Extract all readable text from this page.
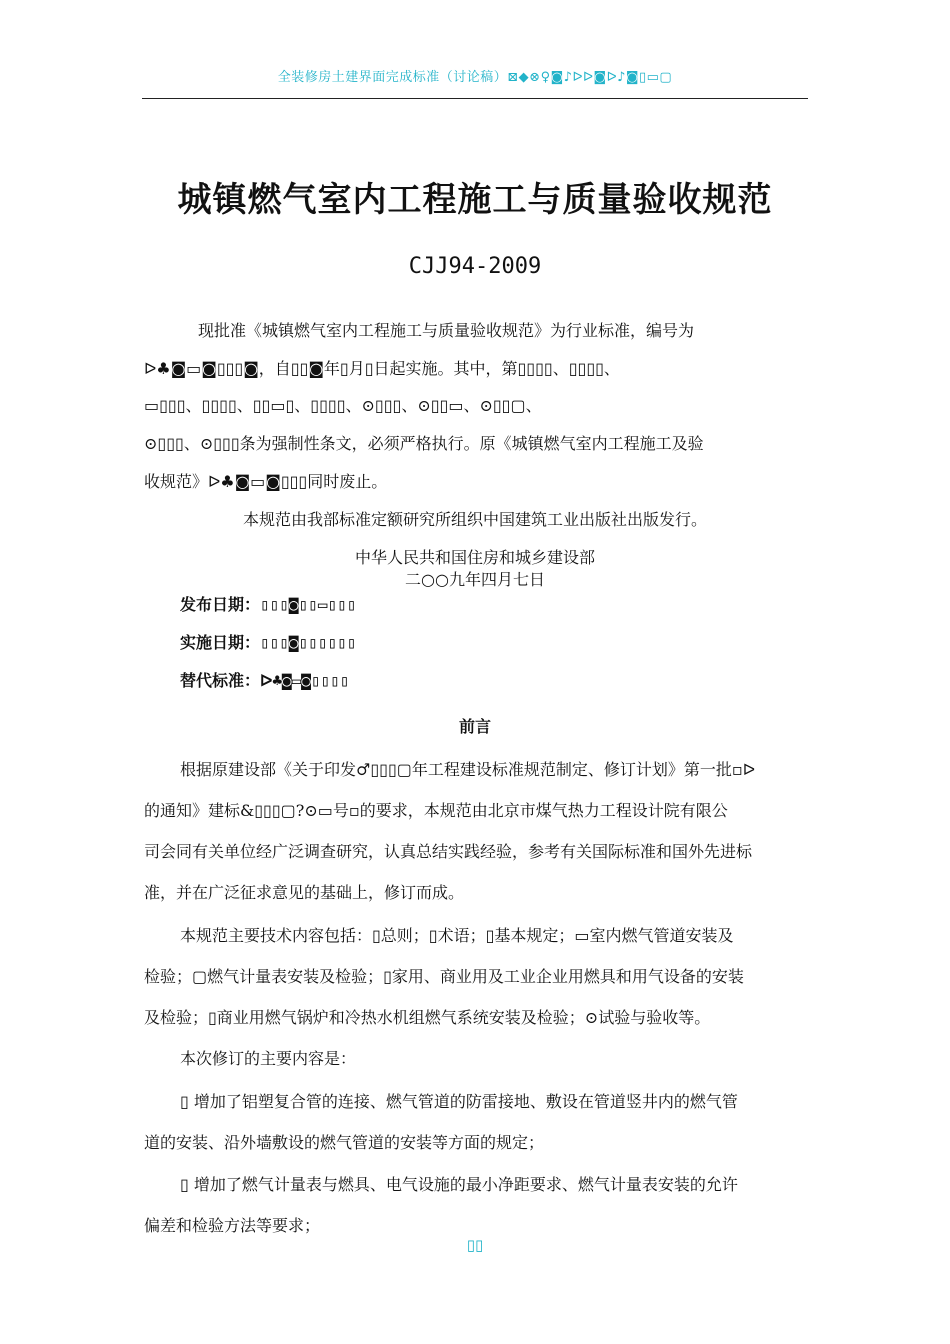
全装修房土建界面完成标准（讨论稿）⊠◆⊗♀◙♪ᐅᐅ◙ᐅ♪◙▯▭▢
城镇燃气室内工程施工与质量验收规范
CJJ94-2009
现批准《城镇燃气室内工程施工与质量验收规范》为行业标准，编号为
ᐅ♣◙▭◙▯▯▯◙，自▯▯◙年▯月▯日起实施。其中，第▯▯▯▯、▯▯▯▯、
▭▯▯▯、▯▯▯▯、▯▯▭▯、▯▯▯▯、⊙▯▯▯、⊙▯▯▭、⊙▯▯▢、
⊙▯▯▯、⊙▯▯▯条为强制性条文，必须严格执行。原《城镇燃气室内工程施工及验
收规范》ᐅ♣◙▭◙▯▯▯同时废止。
本规范由我部标准定额研究所组织中国建筑工业出版社出版发行。
中华人民共和国住房和城乡建设部
二○○九年四月七日
发布日期：▯▯▯◙▯▯▭▯▯▯
实施日期：▯▯▯◙▯▯▯▯▯▯
替代标准：ᐅ♣◙▭◙▯▯▯▯
前言
根据原建设部《关于印发♂▯▯▯▢年工程建设标准规范制定、修订计划》第一批▫ᐅ
的通知》建标&▯▯▯▢?⊙▭号▫的要求，本规范由北京市煤气热力工程设计院有限公
司会同有关单位经广泛调查研究，认真总结实践经验，参考有关国际标准和国外先进标
准，并在广泛征求意见的基础上，修订而成。
本规范主要技术内容包括：▯总则；▯术语；▯基本规定；▭室内燃气管道安装及
检验；▢燃气计量表安装及检验；▯家用、商业用及工业企业用燃具和用气设备的安装
及检验；▯商业用燃气锅炉和冷热水机组燃气系统安装及检验；⊙试验与验收等。
本次修订的主要内容是：
▯ 增加了铝塑复合管的连接、燃气管道的防雷接地、敷设在管道竖井内的燃气管
道的安装、沿外墙敷设的燃气管道的安装等方面的规定；
▯ 增加了燃气计量表与燃具、电气设施的最小净距要求、燃气计量表安装的允许
偏差和检验方法等要求；
▯▯
